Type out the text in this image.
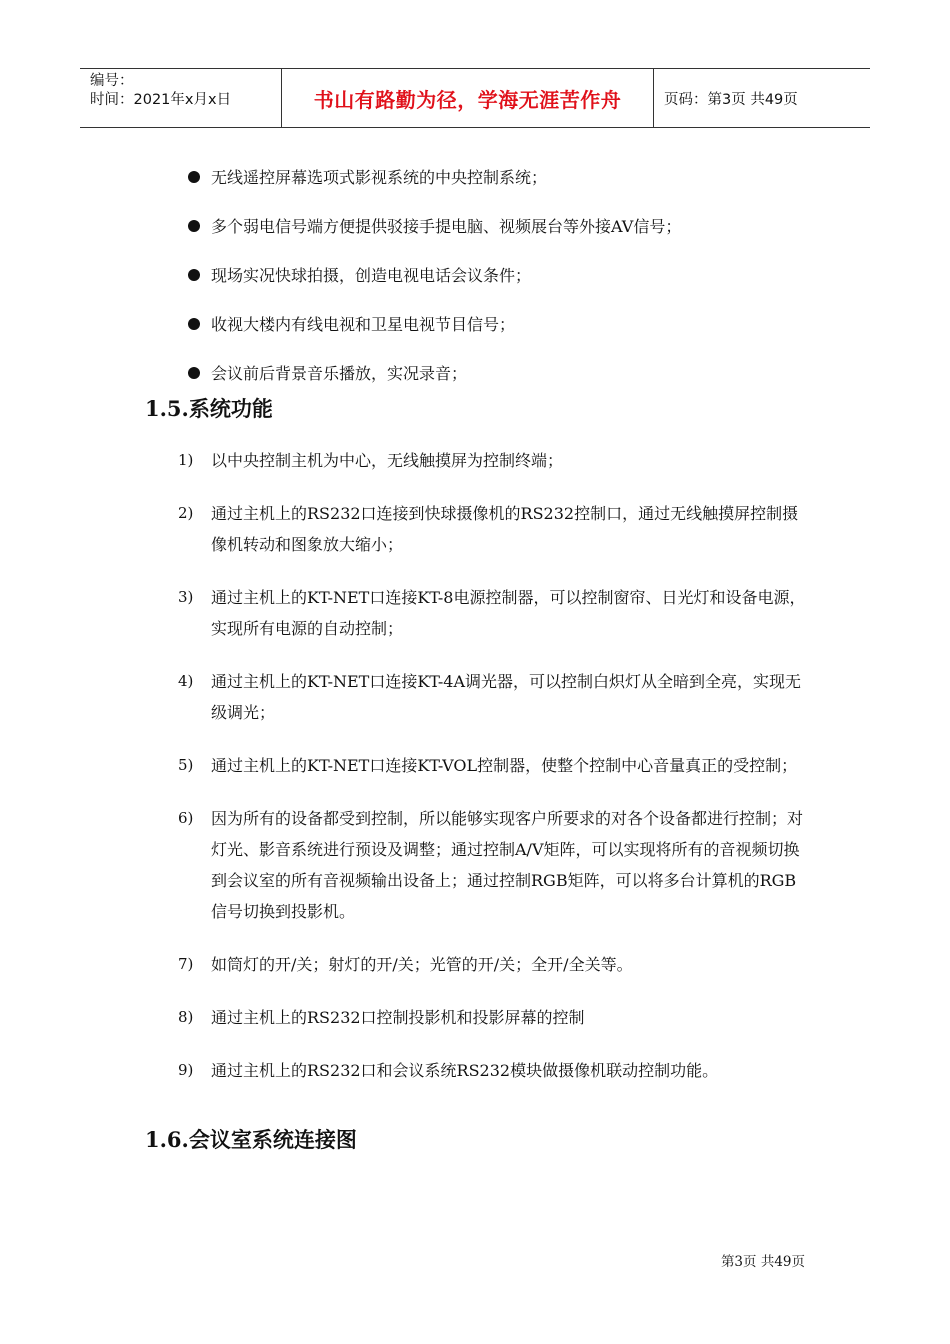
编号：
时间：2021年x月x日	书山有路勤为径，学海无涯苦作舟	页码：第3页 共49页
无线遥控屏幕选项式影视系统的中央控制系统；
多个弱电信号端方便提供驳接手提电脑、视频展台等外接AV信号；
现场实况快球拍摄，创造电视电话会议条件；
收视大楼内有线电视和卫星电视节目信号；
会议前后背景音乐播放，实况录音；
1.5.系统功能
1)	以中央控制主机为中心，无线触摸屏为控制终端；
2)	通过主机上的RS232口连接到快球摄像机的RS232控制口，通过无线触摸屏控制摄像机转动和图象放大缩小；
3)	通过主机上的KT-NET口连接KT-8电源控制器，可以控制窗帘、日光灯和设备电源，实现所有电源的自动控制；
4)	通过主机上的KT-NET口连接KT-4A调光器，可以控制白炽灯从全暗到全亮，实现无级调光；
5)	通过主机上的KT-NET口连接KT-VOL控制器，使整个控制中心音量真正的受控制；
6)	因为所有的设备都受到控制，所以能够实现客户所要求的对各个设备都进行控制；对灯光、影音系统进行预设及调整；通过控制A/V矩阵，可以实现将所有的音视频切换到会议室的所有音视频输出设备上；通过控制RGB矩阵，可以将多台计算机的RGB信号切换到投影机。
7)	如筒灯的开/关；射灯的开/关；光管的开/关；全开/全关等。
8)	通过主机上的RS232口控制投影机和投影屏幕的控制
9)	通过主机上的RS232口和会议系统RS232模块做摄像机联动控制功能。
1.6.会议室系统连接图
第3页 共49页
